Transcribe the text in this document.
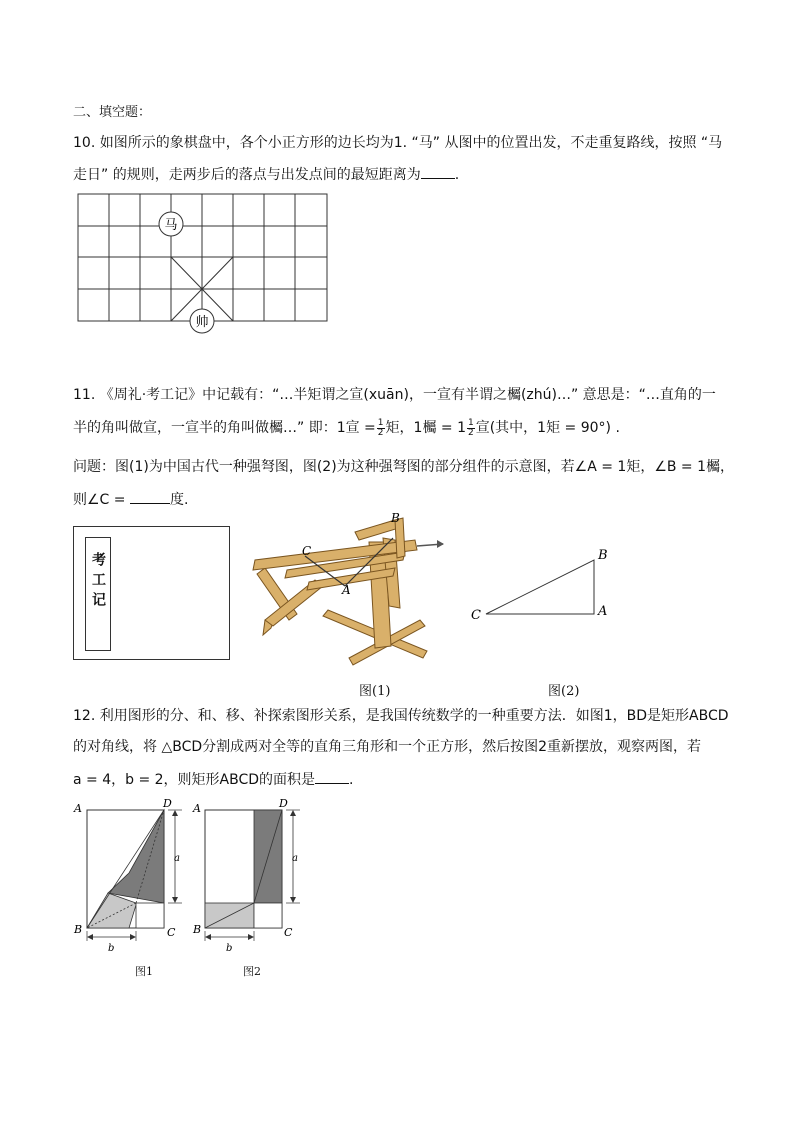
二、填空题：
10. 如图所示的象棋盘中，各个小正方形的边长均为1. “马” 从图中的位置出发，不走重复路线，按照 “马
走日” 的规则，走两步后的落点与出发点间的最短距离为 .
马
帅
11. 《周礼·考工记》中记载有：“…半矩谓之宣(xuān)，一宣有半谓之欘(zhú)…” 意思是：“…直角的一
半的角叫做宣，一宣半的角叫做欘…” 即：1宣 = $\frac{1}{2}$ 矩，1欘 = $1 \frac{1}{2}$ 宣(其中，1矩 = 90°) .
问题：图(1)为中国古代一种强弩图，图(2)为这种强弩图的部分组件的示意图，若∠A = 1矩，∠B = 1欘，
则∠C =	度.
考工记
B
C
A
图(1)
B
C	A
图(2)
12. 利用图形的分、和、移、补探索图形关系，是我国传统数学的一种重要方法．如图1，BD是矩形ABCD
的对角线，将 △BCD分割成两对全等的直角三角形和一个正方形，然后按图2重新摆放，观察两图，若
a = 4，b = 2，则矩形ABCD的面积是 .
A	D
B	C
a
b
图1
A	D
B	C
a
b
图2
